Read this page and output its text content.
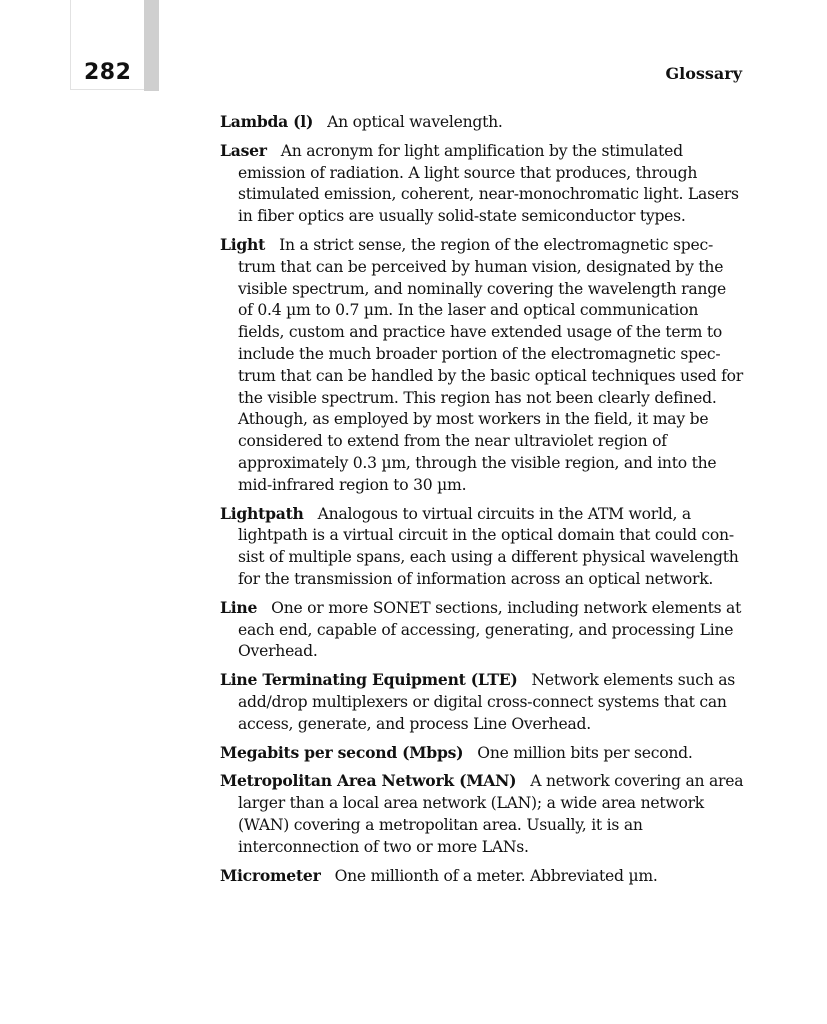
282	Glossary

Lambda (l) An optical wavelength.

Laser An acronym for light amplification by the stimulated emission of radiation. A light source that produces, through stimulated emission, coherent, near-monochromatic light. Lasers in fiber optics are usually solid-state semiconductor types.

Light In a strict sense, the region of the electromagnetic spec-trum that can be perceived by human vision, designated by the visible spectrum, and nominally covering the wavelength range of 0.4 µm to 0.7 µm. In the laser and optical communication fields, custom and practice have extended usage of the term to include the much broader portion of the electromagnetic spec-trum that can be handled by the basic optical techniques used for the visible spectrum. This region has not been clearly defined. Athough, as employed by most workers in the field, it may be considered to extend from the near ultraviolet region of approximately 0.3 µm, through the visible region, and into the mid-infrared region to 30 µm.

Lightpath Analogous to virtual circuits in the ATM world, a lightpath is a virtual circuit in the optical domain that could con-sist of multiple spans, each using a different physical wavelength for the transmission of information across an optical network.

Line One or more SONET sections, including network elements at each end, capable of accessing, generating, and processing Line Overhead.

Line Terminating Equipment (LTE) Network elements such as add/drop multiplexers or digital cross-connect systems that can access, generate, and process Line Overhead.

Megabits per second (Mbps) One million bits per second.

Metropolitan Area Network (MAN) A network covering an area larger than a local area network (LAN); a wide area network (WAN) covering a metropolitan area. Usually, it is an interconnection of two or more LANs.

Micrometer One millionth of a meter. Abbreviated µm.
